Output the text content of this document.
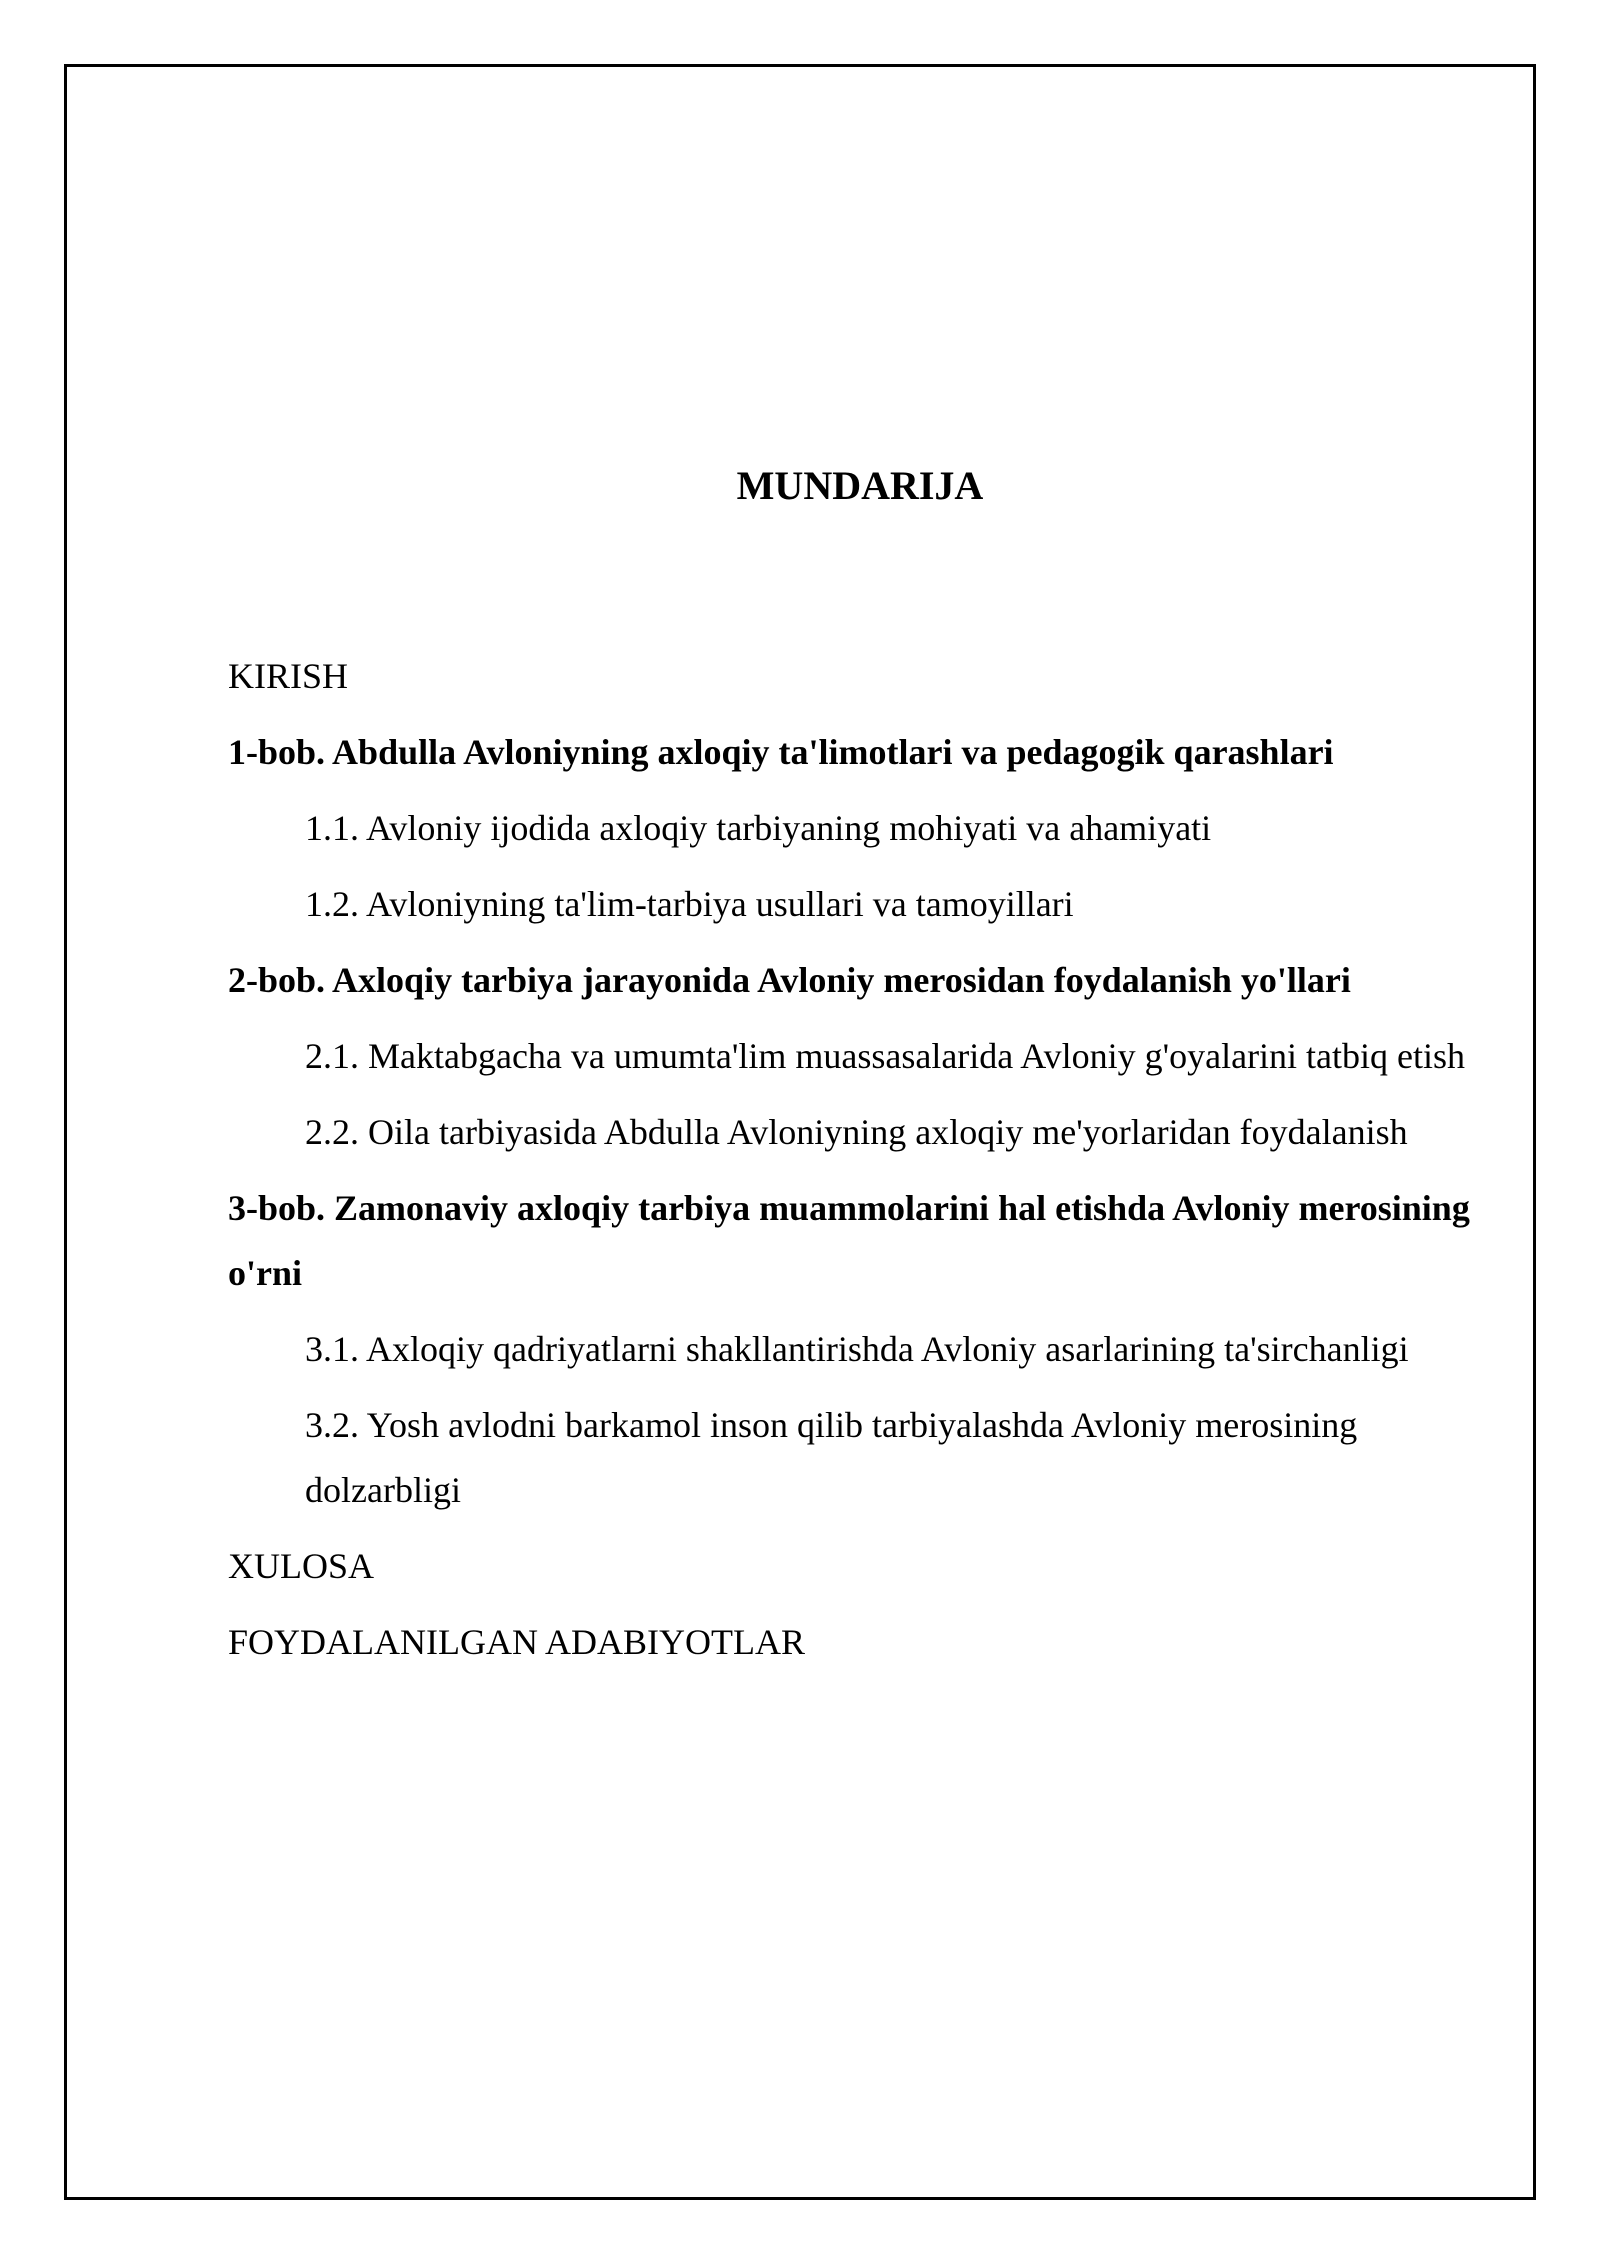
MUNDARIJA
KIRISH
1-bob. Abdulla Avloniyning axloqiy ta'limotlari va pedagogik qarashlari
1.1. Avloniy ijodida axloqiy tarbiyaning mohiyati va ahamiyati
1.2. Avloniyning ta'lim-tarbiya usullari va tamoyillari
2-bob. Axloqiy tarbiya jarayonida Avloniy merosidan foydalanish yo'llari
2.1. Maktabgacha va umumta'lim muassasalarida Avloniy g'oyalarini tatbiq etish
2.2. Oila tarbiyasida Abdulla Avloniyning axloqiy me'yorlaridan foydalanish
3-bob. Zamonaviy axloqiy tarbiya muammolarini hal etishda Avloniy merosining o'rni
3.1. Axloqiy qadriyatlarni shakllantirishda Avloniy asarlarining ta'sirchanligi
3.2. Yosh avlodni barkamol inson qilib tarbiyalashda Avloniy merosining dolzarbligi
XULOSA
FOYDALANILGAN ADABIYOTLAR
